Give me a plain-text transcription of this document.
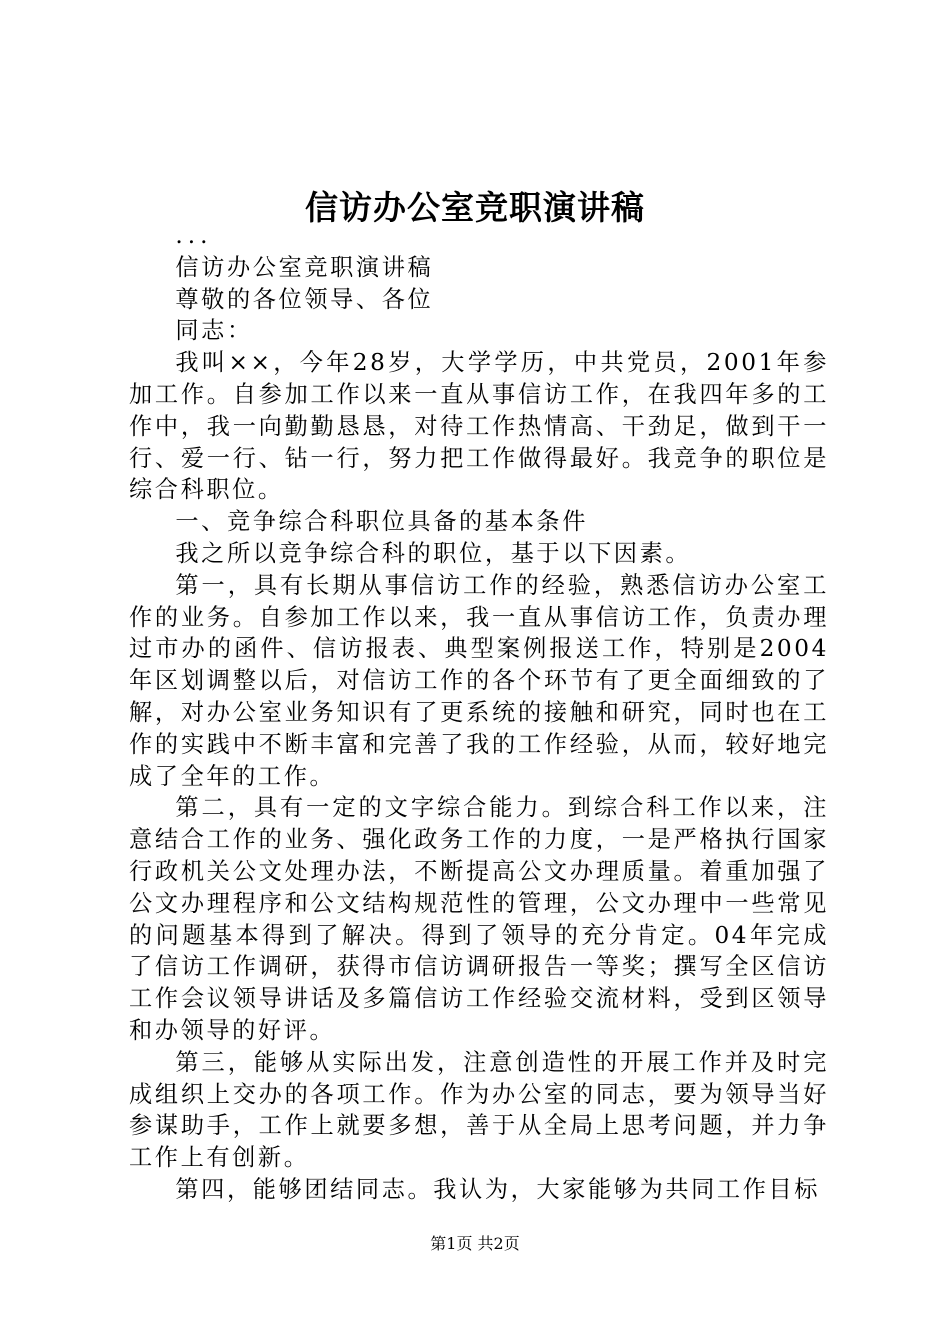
信访办公室竞职演讲稿

...

信访办公室竞职演讲稿

尊敬的各位领导、各位

同志：

我叫××，今年28岁，大学学历，中共党员，2001年参加工作。自参加工作以来一直从事信访工作，在我四年多的工作中，我一向勤勤恳恳，对待工作热情高、干劲足，做到干一行、爱一行、钻一行，努力把工作做得最好。我竞争的职位是综合科职位。

一、竞争综合科职位具备的基本条件

我之所以竞争综合科的职位，基于以下因素。

第一，具有长期从事信访工作的经验，熟悉信访办公室工作的业务。自参加工作以来，我一直从事信访工作，负责办理过市办的函件、信访报表、典型案例报送工作，特别是2004年区划调整以后，对信访工作的各个环节有了更全面细致的了解，对办公室业务知识有了更系统的接触和研究，同时也在工作的实践中不断丰富和完善了我的工作经验，从而，较好地完成了全年的工作。

第二，具有一定的文字综合能力。到综合科工作以来，注意结合工作的业务、强化政务工作的力度，一是严格执行国家行政机关公文处理办法，不断提高公文办理质量。着重加强了公文办理程序和公文结构规范性的管理，公文办理中一些常见的问题基本得到了解决。得到了领导的充分肯定。04年完成了信访工作调研，获得市信访调研报告一等奖；撰写全区信访工作会议领导讲话及多篇信访工作经验交流材料，受到区领导和办领导的好评。

第三，能够从实际出发，注意创造性的开展工作并及时完成组织上交办的各项工作。作为办公室的同志，要为领导当好参谋助手，工作上就要多想，善于从全局上思考问题，并力争工作上有创新。

第四，能够团结同志。我认为，大家能够为共同工作目标

第1页 共2页
